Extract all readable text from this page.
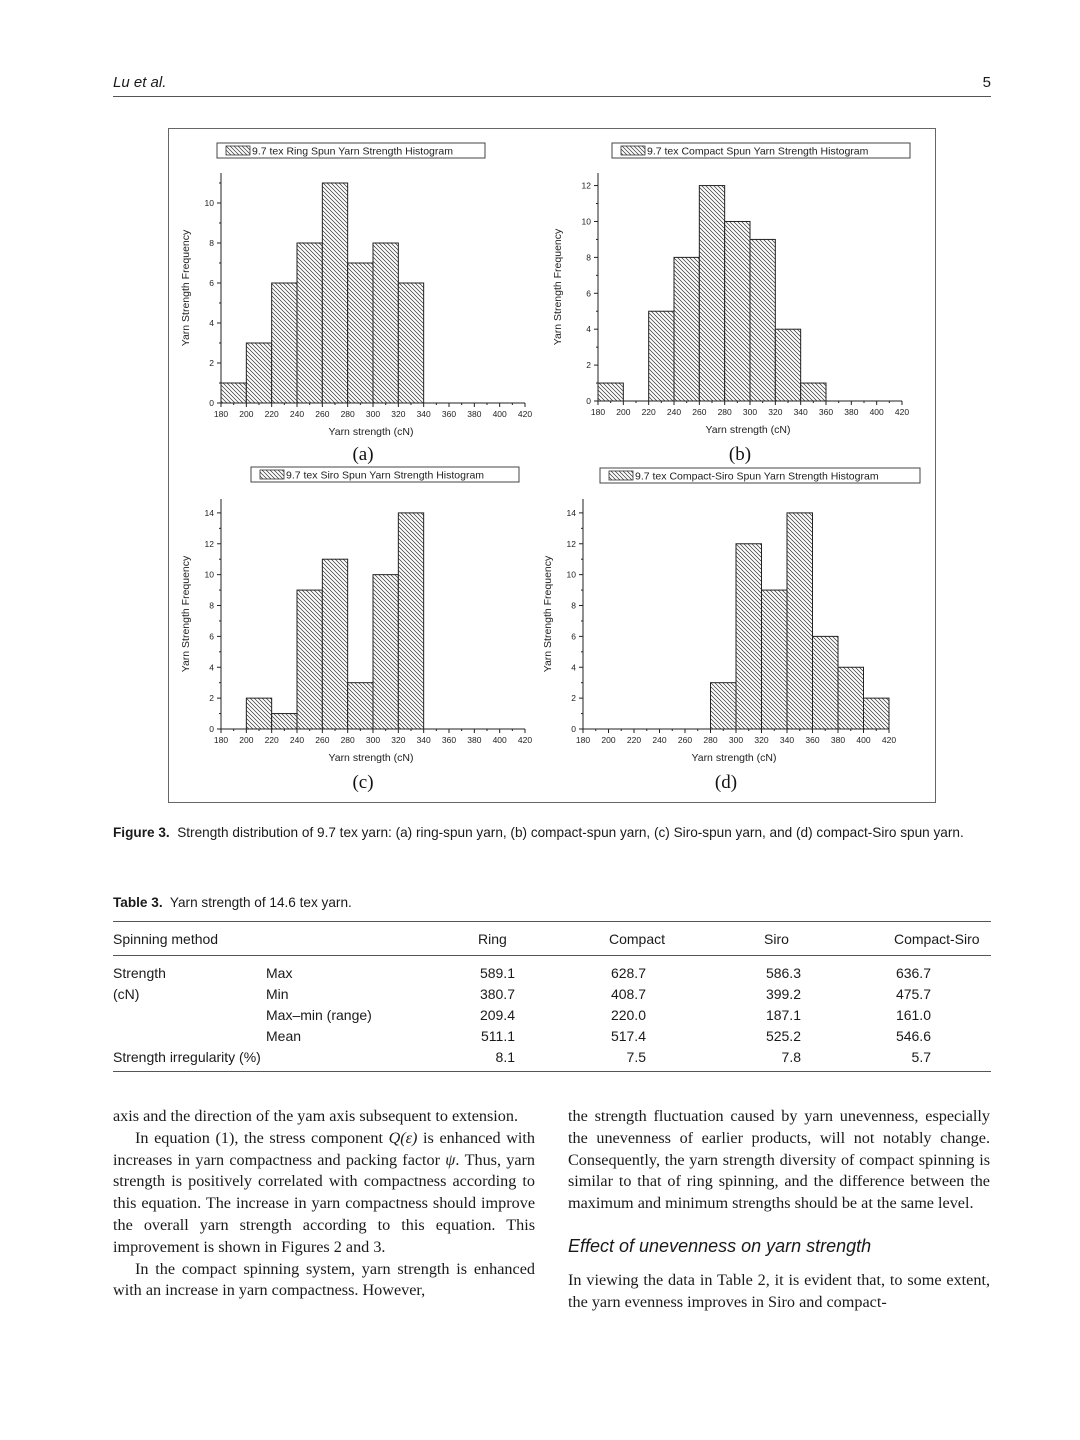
Lu et al.	5
9.7 tex Ring Spun Yarn Strength Histogram
180 200 220 240 260 280 300 320 340 360 380 400 420
0
2
4
6
8
10
Yarn strength (cN)
Yarn Strength Frequency
(a)
9.7 tex Compact Spun Yarn Strength Histogram
180 200 220 240 260 280 300 320 340 360 380 400 420
0
2
4
6
8
10
12
Yarn strength (cN)
Yarn Strength Frequency
(b)
9.7 tex Siro Spun Yarn Strength Histogram
180 200 220 240 260 280 300 320 340 360 380 400 420
0
2
4
6
8
10
12
14
Yarn strength (cN)
Yarn Strength Frequency
(c)
9.7 tex Compact-Siro Spun Yarn Strength Histogram
180 200 220 240 260 280 300 320 340 360 380 400 420
0
2
4
6
8
10
12
14
Yarn strength (cN)
Yarn Strength Frequency
(d)
Figure 3. Strength distribution of 9.7 tex yarn: (a) ring-spun yarn, (b) compact-spun yarn, (c) Siro-spun yarn, and (d) compact-Siro spun yarn.
Table 3. Yarn strength of 14.6 tex yarn.
Spinning method	Ring	Compact	Siro	Compact-Siro
Strength Max	589.1	628.7	586.3	636.7
(cN) Min	380.7	408.7	399.2	475.7
Max–min (range)	209.4	220.0	187.1	161.0
Mean	511.1	517.4	525.2	546.6
Strength irregularity (%)	8.1	7.5	7.8	5.7

axis and the direction of the yam axis subsequent to extension.

In equation (1), the stress component Q(ε) is enhanced with increases in yarn compactness and packing factor ψ. Thus, yarn strength is positively correlated with compactness according to this equation. The increase in yarn compactness should improve the overall yarn strength according to this equation. This improvement is shown in Figures 2 and 3.

In the compact spinning system, yarn strength is enhanced with an increase in yarn compactness. However,

the strength fluctuation caused by yarn unevenness, especially the unevenness of earlier products, will not notably change. Consequently, the yarn strength diversity of compact spinning is similar to that of ring spinning, and the difference between the maximum and minimum strengths should be at the same level.

Effect of unevenness on yarn strength

In viewing the data in Table 2, it is evident that, to some extent, the yarn evenness improves in Siro and compact-
